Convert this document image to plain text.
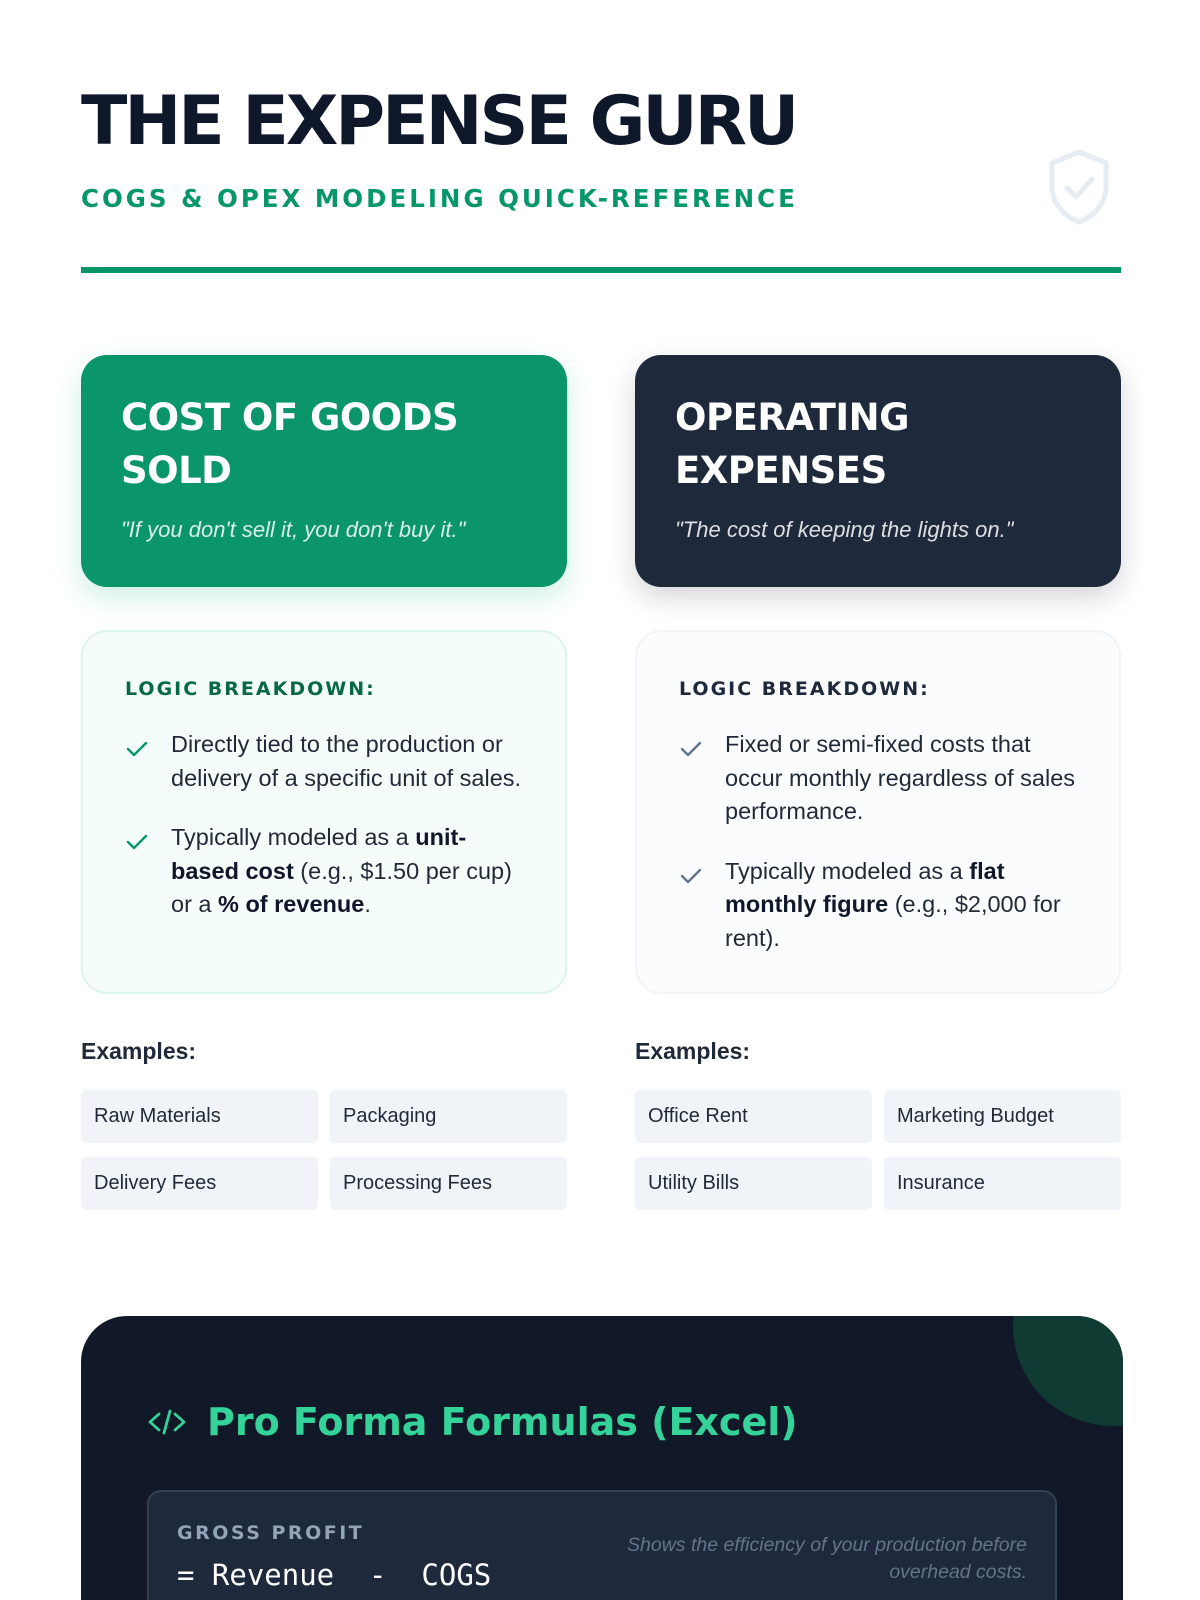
THE EXPENSE GURU
COGS & OPEX MODELING QUICK-REFERENCE
COST OF GOODS SOLD
"If you don't sell it, you don't buy it."
OPERATING EXPENSES
"The cost of keeping the lights on."
LOGIC BREAKDOWN:
Directly tied to the production or delivery of a specific unit of sales.
Typically modeled as a unit-based cost (e.g., $1.50 per cup) or a % of revenue.
LOGIC BREAKDOWN:
Fixed or semi-fixed costs that occur monthly regardless of sales performance.
Typically modeled as a flat monthly figure (e.g., $2,000 for rent).
Examples:
Raw Materials	Packaging
Delivery Fees	Processing Fees
Examples:
Office Rent	Marketing Budget
Utility Bills	Insurance
Pro Forma Formulas (Excel)
GROSS PROFIT
= Revenue  -  COGS
Shows the efficiency of your production before overhead costs.
